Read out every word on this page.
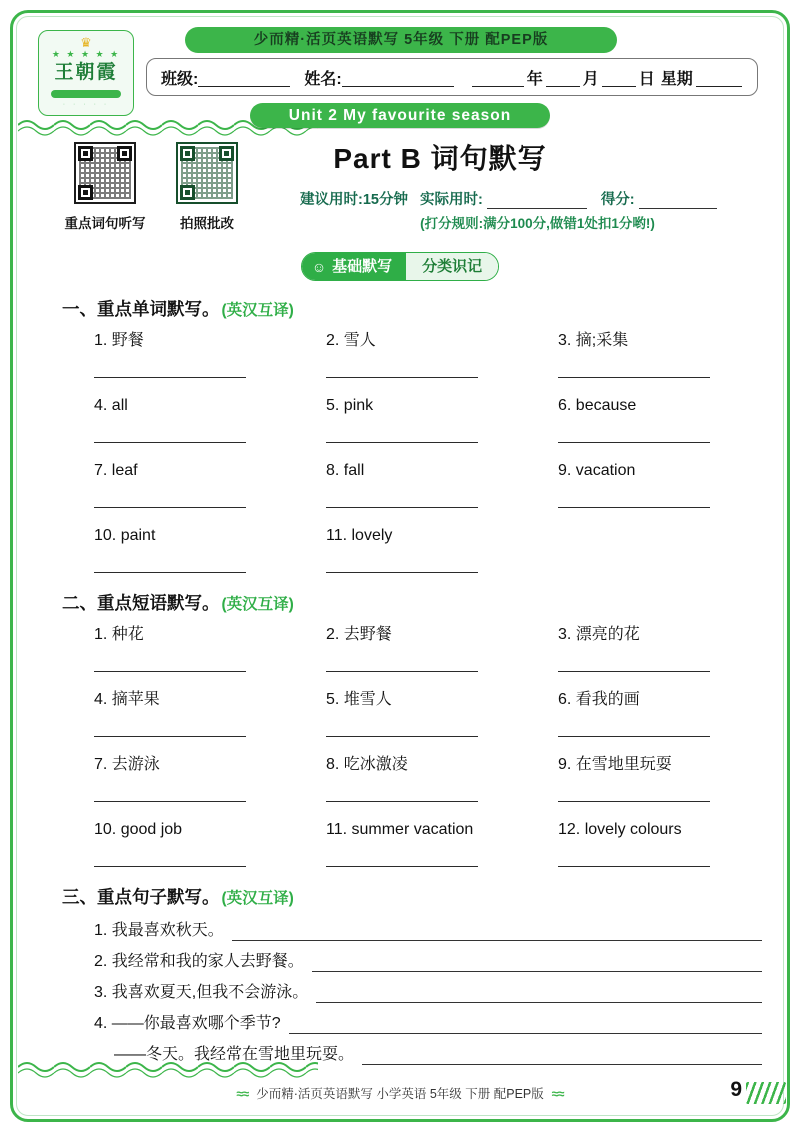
♛
★ ★ ★ ★ ★
王朝霞
· · · · ·
少而精·活页英语默写 5年级 下册 配PEP版
班级:	姓名:	年	月	日 星期
Unit 2 My favourite season
重点词句听写	拍照批改
Part B 词句默写
建议用时:15分钟 实际用时:	得分:
(打分规则:满分100分,做错1处扣1分哟!)
☺ 基础默写	分类识记
一、重点单词默写。 (英汉互译)
1. 野餐	2. 雪人	3. 摘;采集
4. all	5. pink	6. because
7. leaf	8. fall	9. vacation
10. paint	11. lovely
二、重点短语默写。 (英汉互译)
1. 种花	2. 去野餐	3. 漂亮的花
4. 摘苹果	5. 堆雪人	6. 看我的画
7. 去游泳	8. 吃冰激凌	9. 在雪地里玩耍
10. good job	11. summer vacation	12. lovely colours
三、重点句子默写。 (英汉互译)
1. 我最喜欢秋天。
2. 我经常和我的家人去野餐。
3. 我喜欢夏天,但我不会游泳。
4. ——你最喜欢哪个季节?
——冬天。我经常在雪地里玩耍。
≈≈ 少而精·活页英语默写 小学英语 5年级 下册 配PEP版 ≈≈	9
